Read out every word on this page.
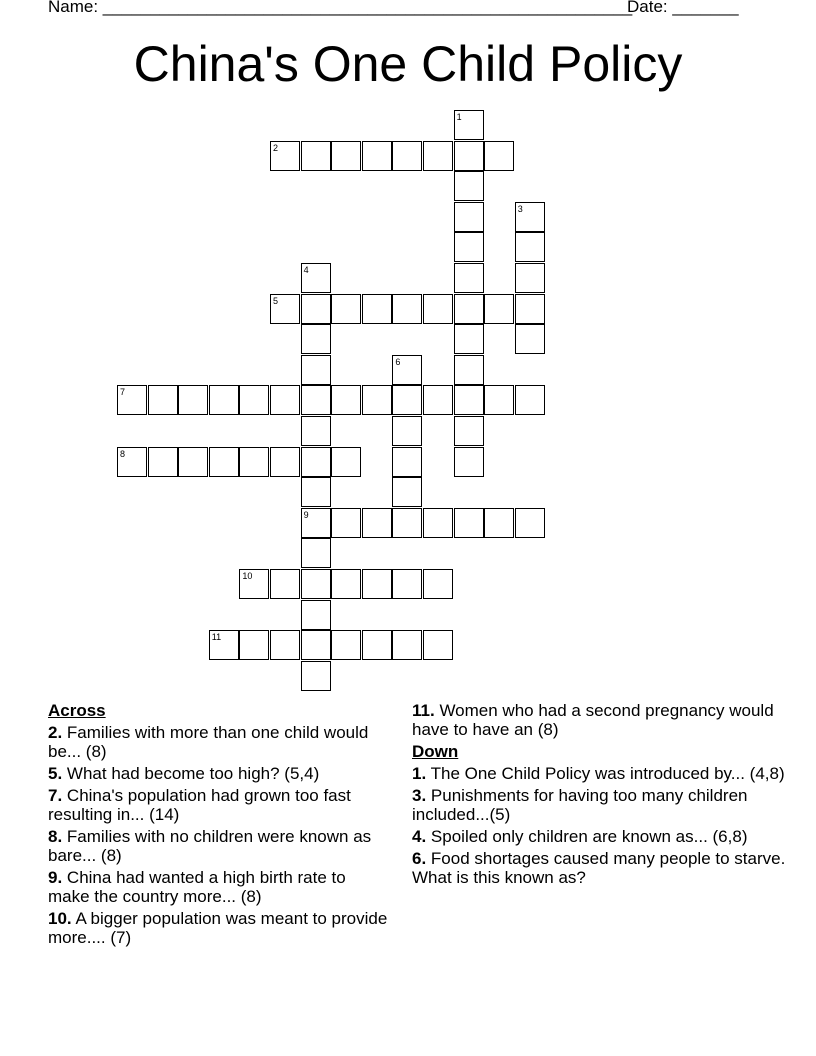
Name: ________________________________________________________
Date: _______
China's One Child Policy
1
2
3
4
9
5
6
7
8
10
11
Across
2. Families with more than one child would be... (8)
5. What had become too high? (5,4)
7. China's population had grown too fast resulting in... (14)
8. Families with no children were known as bare... (8)
9. China had wanted a high birth rate to make the country more... (8)
10. A bigger population was meant to provide more.... (7)
11. Women who had a second pregnancy would have to have an (8)
Down
1. The One Child Policy was introduced by... (4,8)
3. Punishments for having too many children included...(5)
4. Spoiled only children are known as... (6,8)
6. Food shortages caused many people to starve. What is this known as?
